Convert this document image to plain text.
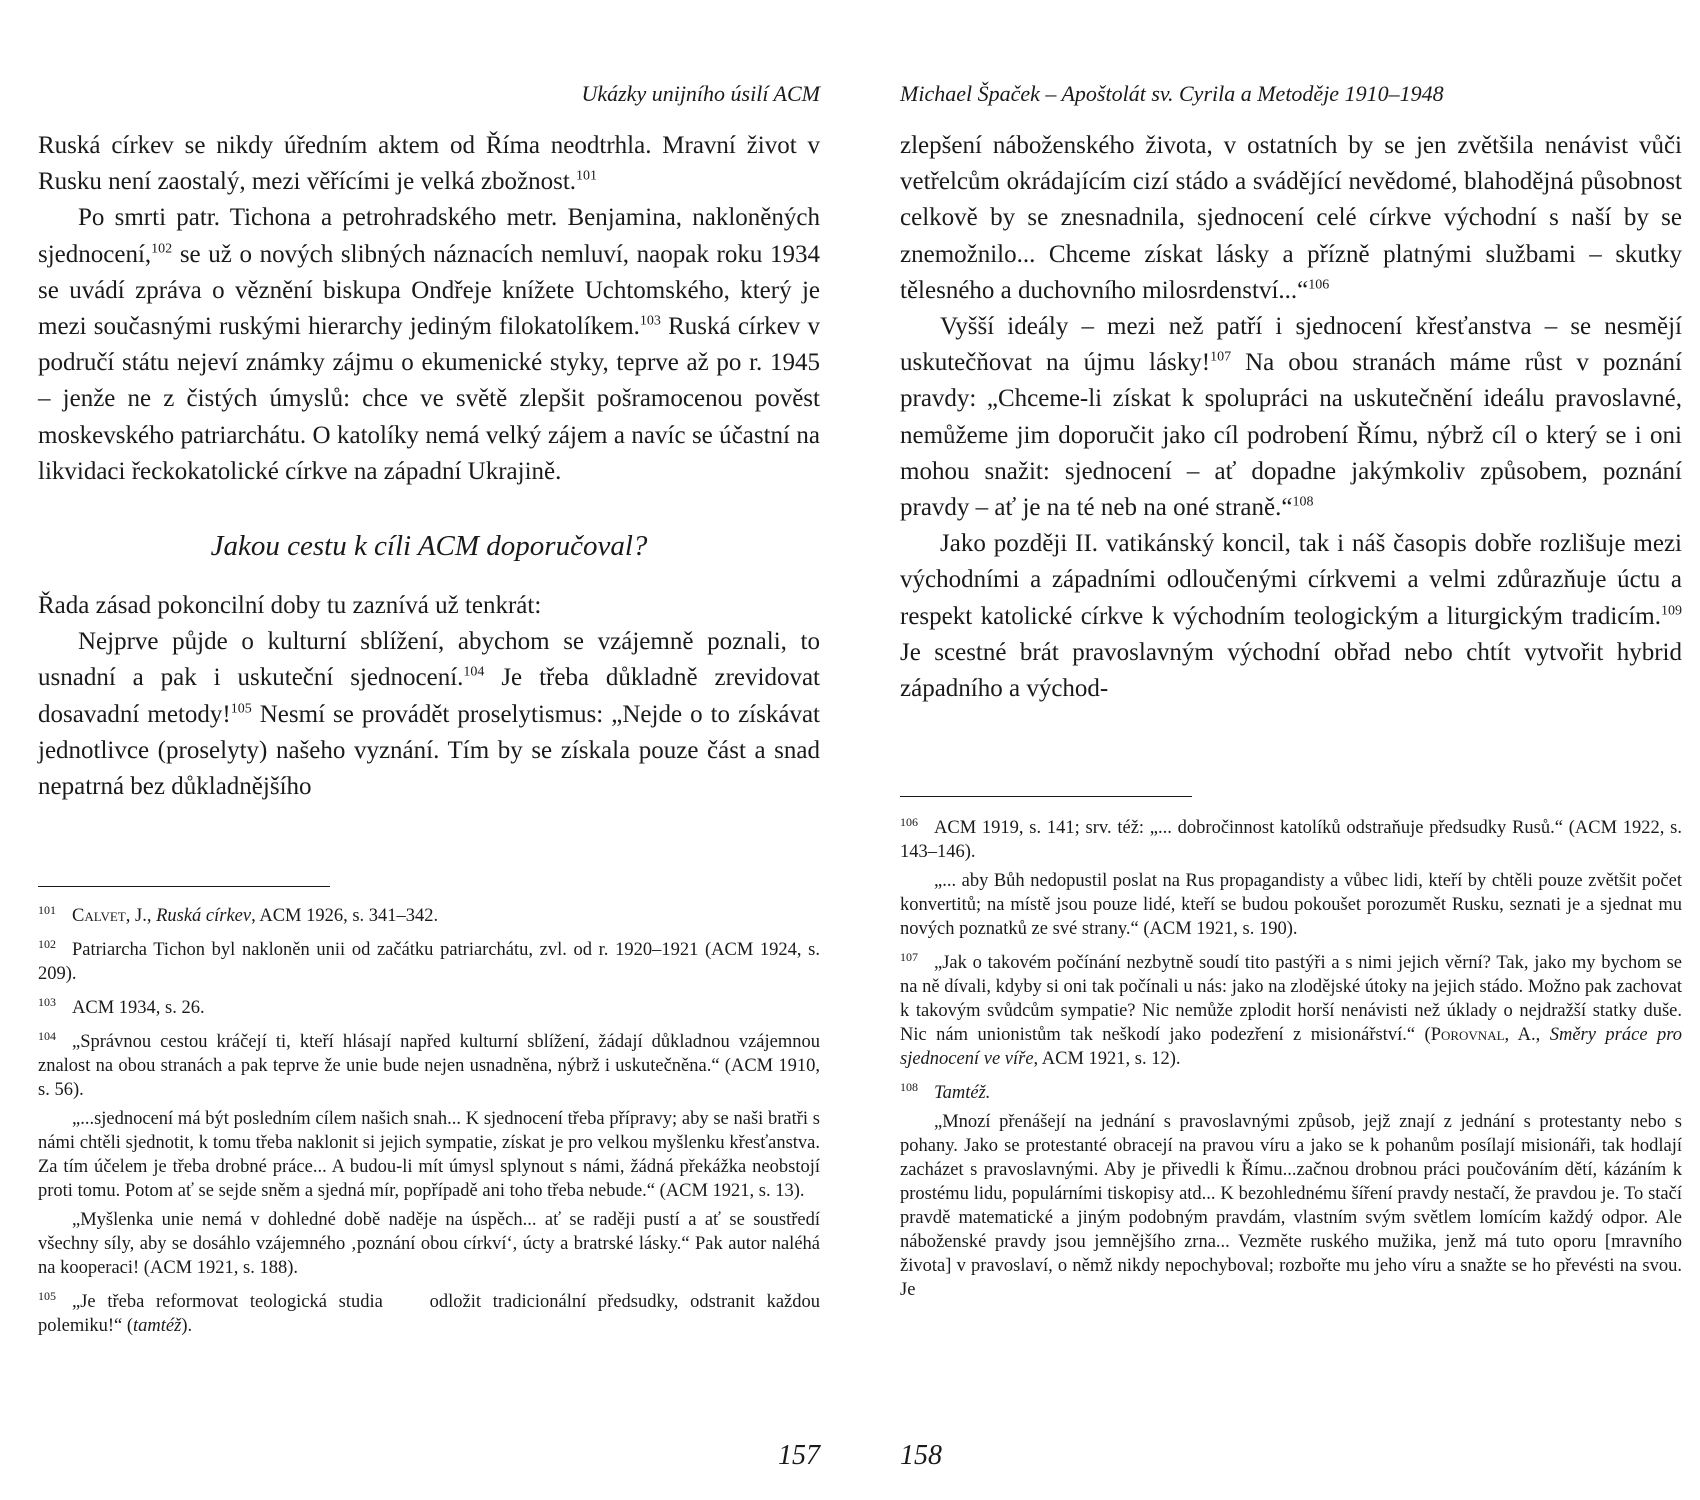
Ukázky unijního úsilí ACM

Ruská církev se nikdy úředním aktem od Říma neodtrhla. Mravní život v Rusku není zaostalý, mezi věřícími je velká zbožnost.$^{101}$

Po smrti patr. Tichona a petrohradského metr. Benjamina, nakloněných sjednocení,$^{102}$ se už o nových slibných náznacích nemluví, naopak roku 1934 se uvádí zpráva o věznění biskupa Ondřeje knížete Uchtomského, který je mezi současnými ruskými hierarchy jediným filokatolíkem.$^{103}$ Ruská církev v područí státu nejeví známky zájmu o ekumenické styky, teprve až po r. 1945 – jenže ne z čistých úmyslů: chce ve světě zlepšit pošramocenou pověst moskevského patriarchátu. O katolíky nemá velký zájem a navíc se účastní na likvidaci řeckokatolické církve na západní Ukrajině.

Jakou cestu k cíli ACM doporučoval?

Řada zásad pokoncilní doby tu zaznívá už tenkrát:

Nejprve půjde o kulturní sblížení, abychom se vzájemně poznali, to usnadní a pak i uskuteční sjednocení.$^{104}$ Je třeba důkladně zrevidovat dosavadní metody!$^{105}$ Nesmí se provádět proselytismus: „Nejde o to získávat jednotlivce (proselyty) našeho vyznání. Tím by se získala pouze část a snad nepatrná bez důkladnějšího

$^{101}$ Calvet, J., Ruská církev, ACM 1926, s. 341–342.
$^{102}$ Patriarcha Tichon byl nakloněn unii od začátku patriarchátu, zvl. od r. 1920–1921 (ACM 1924, s. 209).
$^{103}$ ACM 1934, s. 26.
$^{104}$ „Správnou cestou kráčejí ti, kteří hlásají napřed kulturní sblížení, žádají důkladnou vzájemnou znalost na obou stranách a pak teprve že unie bude nejen usnadněna, nýbrž i uskutečněna.“ (ACM 1910, s. 56).
„...sjednocení má být posledním cílem našich snah... K sjednocení třeba přípravy; aby se naši bratři s námi chtěli sjednotit, k tomu třeba naklonit si jejich sympatie, získat je pro velkou myšlenku křesťanstva. Za tím účelem je třeba drobné práce... A budou-li mít úmysl splynout s námi, žádná překážka neobstojí proti tomu. Potom ať se sejde sněm a sjedná mír, popřípadě ani toho třeba nebude.“ (ACM 1921, s. 13).
„Myšlenka unie nemá v dohledné době naděje na úspěch... ať se raději pustí a ať se soustředí všechny síly, aby se dosáhlo vzájemného ‚poznání obou církví‘, úcty a bratrské lásky.“ Pak autor naléhá na kooperaci! (ACM 1921, s. 188).
$^{105}$ „Je třeba reformovat teologická studia    odložit tradicionální předsudky, odstranit každou polemiku!“ (tamtéž).
157
Michael Špaček – Apoštolát sv. Cyrila a Metoděje 1910–1948

zlepšení náboženského života, v ostatních by se jen zvětšila nenávist vůči vetřelcům okrádajícím cizí stádo a svádějící nevědomé, blahodějná působnost celkově by se znesnadnila, sjednocení celé církve východní s naší by se znemožnilo... Chceme získat lásky a přízně platnými službami – skutky tělesného a duchovního milosrdenství...“$^{106}$

Vyšší ideály – mezi než patří i sjednocení křesťanstva – se nesmějí uskutečňovat na újmu lásky!$^{107}$ Na obou stranách máme růst v poznání pravdy: „Chceme-li získat k spolupráci na uskutečnění ideálu pravoslavné, nemůžeme jim doporučit jako cíl podrobení Římu, nýbrž cíl o který se i oni mohou snažit: sjednocení – ať dopadne jakýmkoliv způsobem, poznání pravdy – ať je na té neb na oné straně.“$^{108}$

Jako později II. vatikánský koncil, tak i náš časopis dobře rozlišuje mezi východními a západními odloučenými církvemi a velmi zdůrazňuje úctu a respekt katolické církve k východním teologickým a liturgickým tradicím.$^{109}$ Je scestné brát pravoslavným východní obřad nebo chtít vytvořit hybrid západního a východ-

$^{106}$ ACM 1919, s. 141; srv. též: „... dobročinnost katolíků odstraňuje předsudky Rusů.“ (ACM 1922, s. 143–146).
„... aby Bůh nedopustil poslat na Rus propagandisty a vůbec lidi, kteří by chtěli pouze zvětšit počet konvertitů; na místě jsou pouze lidé, kteří se budou pokoušet porozumět Rusku, seznati je a sjednat mu nových poznatků ze své strany.“ (ACM 1921, s. 190).
$^{107}$ „Jak o takovém počínání nezbytně soudí tito pastýři a s nimi jejich věrní? Tak, jako my bychom se na ně dívali, kdyby si oni tak počínali u nás: jako na zlodějské útoky na jejich stádo. Možno pak zachovat k takovým svůdcům sympatie? Nic nemůže zplodit horší nenávisti než úklady o nejdražší statky duše. Nic nám unionistům tak neškodí jako podezření z misionářství.“ (Porovnal, A., Směry práce pro sjednocení ve víře, ACM 1921, s. 12).
$^{108}$ Tamtéž.
„Mnozí přenášejí na jednání s pravoslavnými způsob, jejž znají z jednání s protestanty nebo s pohany. Jako se protestanté obracejí na pravou víru a jako se k pohanům posílají misionáři, tak hodlají zacházet s pravoslavnými. Aby je přivedli k Římu...začnou drobnou práci poučováním dětí, kázáním k prostému lidu, populárními tiskopisy atd... K bezohlednému šíření pravdy nestačí, že pravdou je. To stačí pravdě matematické a jiným podobným pravdám, vlastním svým světlem lomícím každý odpor. Ale náboženské pravdy jsou jemnějšího zrna... Vezměte ruského mužika, jenž má tuto oporu [mravního života] v pravoslaví, o němž nikdy nepochyboval; rozbořte mu jeho víru a snažte se ho převésti na svou. Je
158
